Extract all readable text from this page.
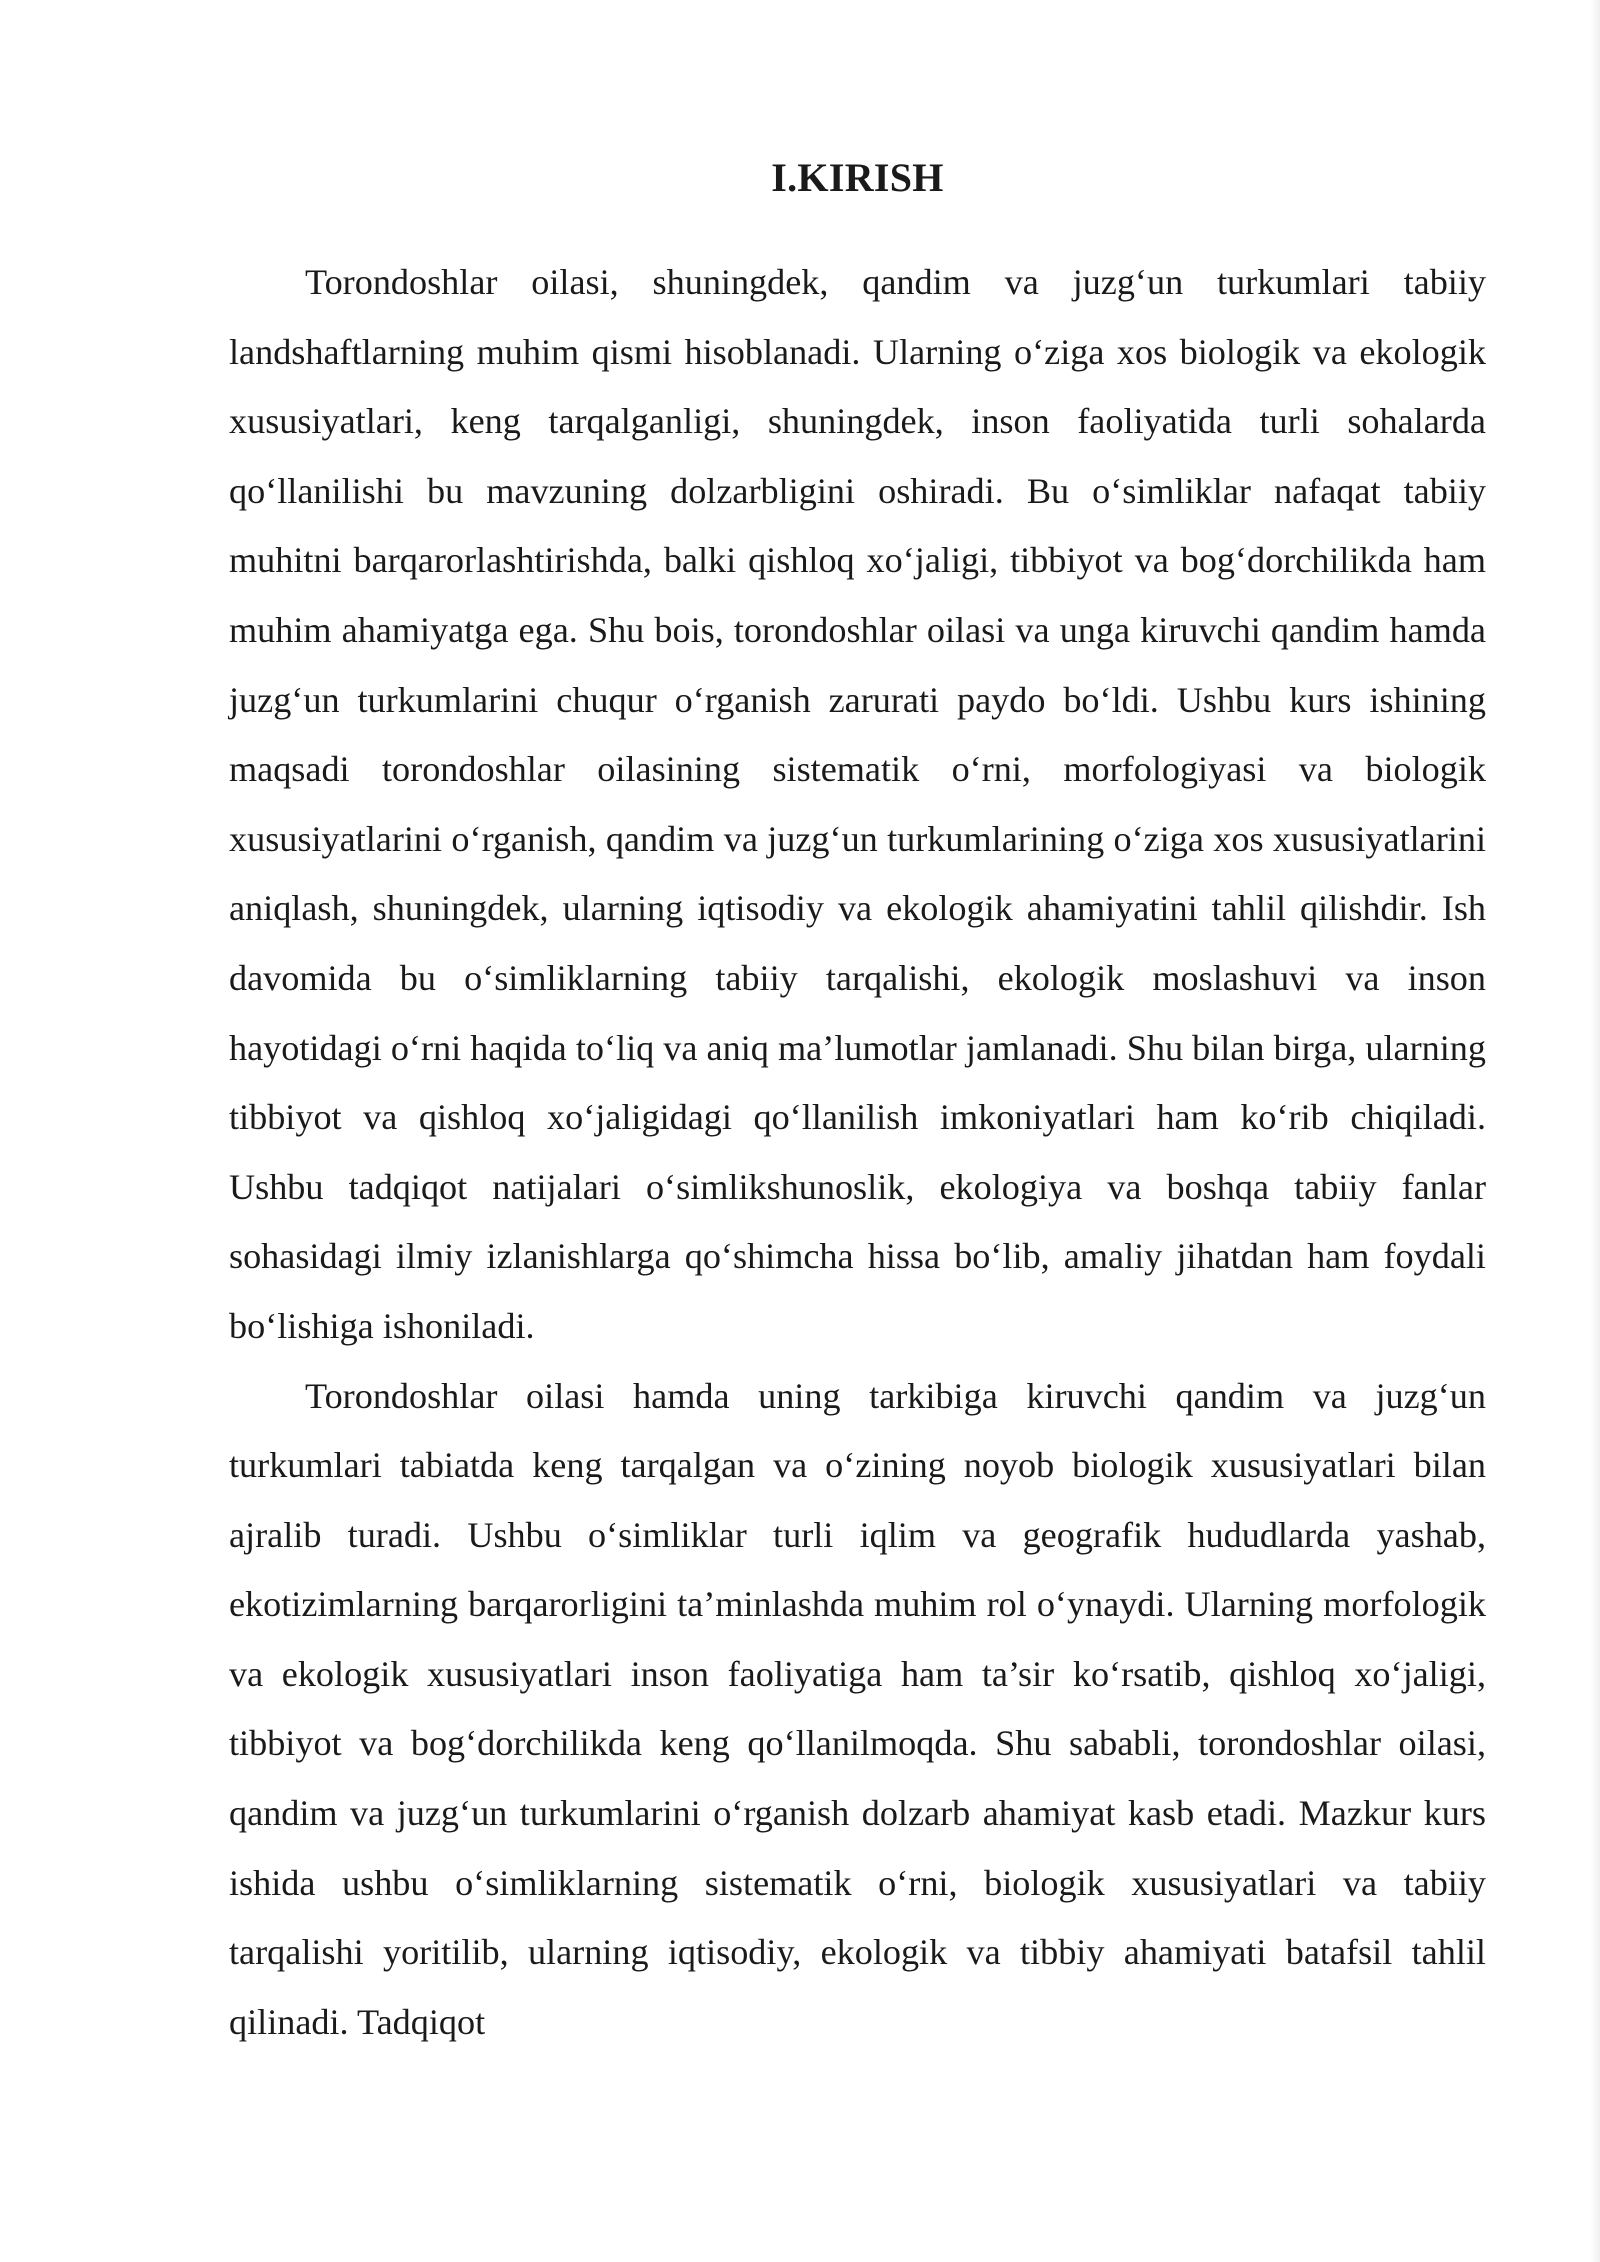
I.KIRISH

Torondoshlar oilasi, shuningdek, qandim va juzg‘un turkumlari tabiiy landshaftlarning muhim qismi hisoblanadi. Ularning o‘ziga xos biologik va ekologik xususiyatlari, keng tarqalganligi, shuningdek, inson faoliyatida turli sohalarda qo‘llanilishi bu mavzuning dolzarbligini oshiradi. Bu o‘simliklar nafaqat tabiiy muhitni barqarorlashtirishda, balki qishloq xo‘jaligi, tibbiyot va bog‘dorchilikda ham muhim ahamiyatga ega. Shu bois, torondoshlar oilasi va unga kiruvchi qandim hamda juzg‘un turkumlarini chuqur o‘rganish zarurati paydo bo‘ldi. Ushbu kurs ishining maqsadi torondoshlar oilasining sistematik o‘rni, morfologiyasi va biologik xususiyatlarini o‘rganish, qandim va juzg‘un turkumlarining o‘ziga xos xususiyatlarini aniqlash, shuningdek, ularning iqtisodiy va ekologik ahamiyatini tahlil qilishdir. Ish davomida bu o‘simliklarning tabiiy tarqalishi, ekologik moslashuvi va inson hayotidagi o‘rni haqida to‘liq va aniq ma’lumotlar jamlanadi. Shu bilan birga, ularning tibbiyot va qishloq xo‘jaligidagi qo‘llanilish imkoniyatlari ham ko‘rib chiqiladi. Ushbu tadqiqot natijalari o‘simlikshunoslik, ekologiya va boshqa tabiiy fanlar sohasidagi ilmiy izlanishlarga qo‘shimcha hissa bo‘lib, amaliy jihatdan ham foydali bo‘lishiga ishoniladi.

Torondoshlar oilasi hamda uning tarkibiga kiruvchi qandim va juzg‘un turkumlari tabiatda keng tarqalgan va o‘zining noyob biologik xususiyatlari bilan ajralib turadi. Ushbu o‘simliklar turli iqlim va geografik hududlarda yashab, ekotizimlarning barqarorligini ta’minlashda muhim rol o‘ynaydi. Ularning morfologik va ekologik xususiyatlari inson faoliyatiga ham ta’sir ko‘rsatib, qishloq xo‘jaligi, tibbiyot va bog‘dorchilikda keng qo‘llanilmoqda. Shu sababli, torondoshlar oilasi, qandim va juzg‘un turkumlarini o‘rganish dolzarb ahamiyat kasb etadi. Mazkur kurs ishida ushbu o‘simliklarning sistematik o‘rni, biologik xususiyatlari va tabiiy tarqalishi yoritilib, ularning iqtisodiy, ekologik va tibbiy ahamiyati batafsil tahlil qilinadi. Tadqiqot
